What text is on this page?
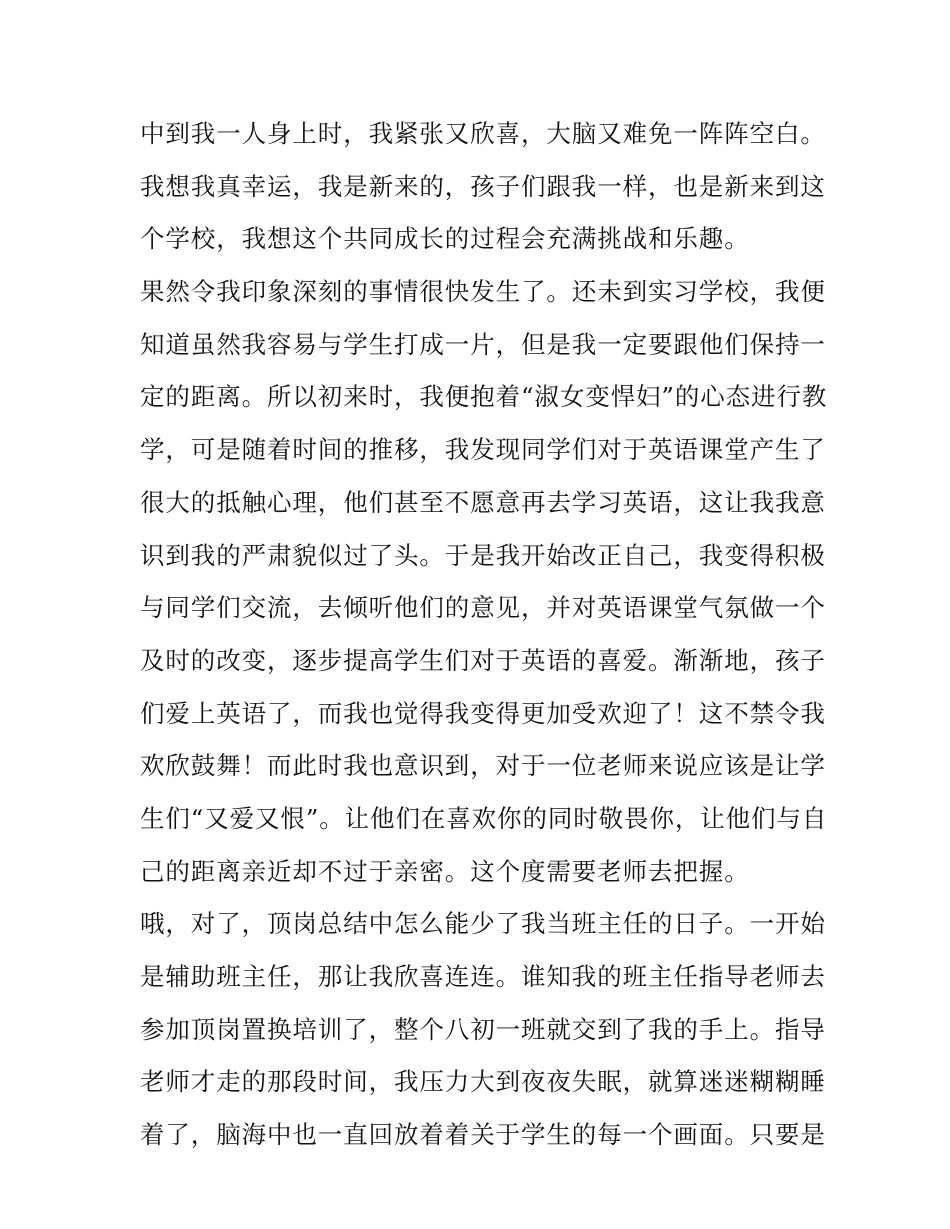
中到我一人身上时，我紧张又欣喜，大脑又难免一阵阵空白。
我想我真幸运，我是新来的，孩子们跟我一样，也是新来到这
个学校，我想这个共同成长的过程会充满挑战和乐趣。
果然令我印象深刻的事情很快发生了。还未到实习学校，我便
知道虽然我容易与学生打成一片，但是我一定要跟他们保持一
定的距离。所以初来时，我便抱着“淑女变悍妇”的心态进行教
学，可是随着时间的推移，我发现同学们对于英语课堂产生了
很大的抵触心理，他们甚至不愿意再去学习英语，这让我我意
识到我的严肃貌似过了头。于是我开始改正自己，我变得积极
与同学们交流，去倾听他们的意见，并对英语课堂气氛做一个
及时的改变，逐步提高学生们对于英语的喜爱。渐渐地，孩子
们爱上英语了，而我也觉得我变得更加受欢迎了！这不禁令我
欢欣鼓舞！而此时我也意识到，对于一位老师来说应该是让学
生们“又爱又恨”。让他们在喜欢你的同时敬畏你，让他们与自
己的距离亲近却不过于亲密。这个度需要老师去把握。
哦，对了，顶岗总结中怎么能少了我当班主任的日子。一开始
是辅助班主任，那让我欣喜连连。谁知我的班主任指导老师去
参加顶岗置换培训了，整个八初一班就交到了我的手上。指导
老师才走的那段时间，我压力大到夜夜失眠，就算迷迷糊糊睡
着了，脑海中也一直回放着着关于学生的每一个画面。只要是
